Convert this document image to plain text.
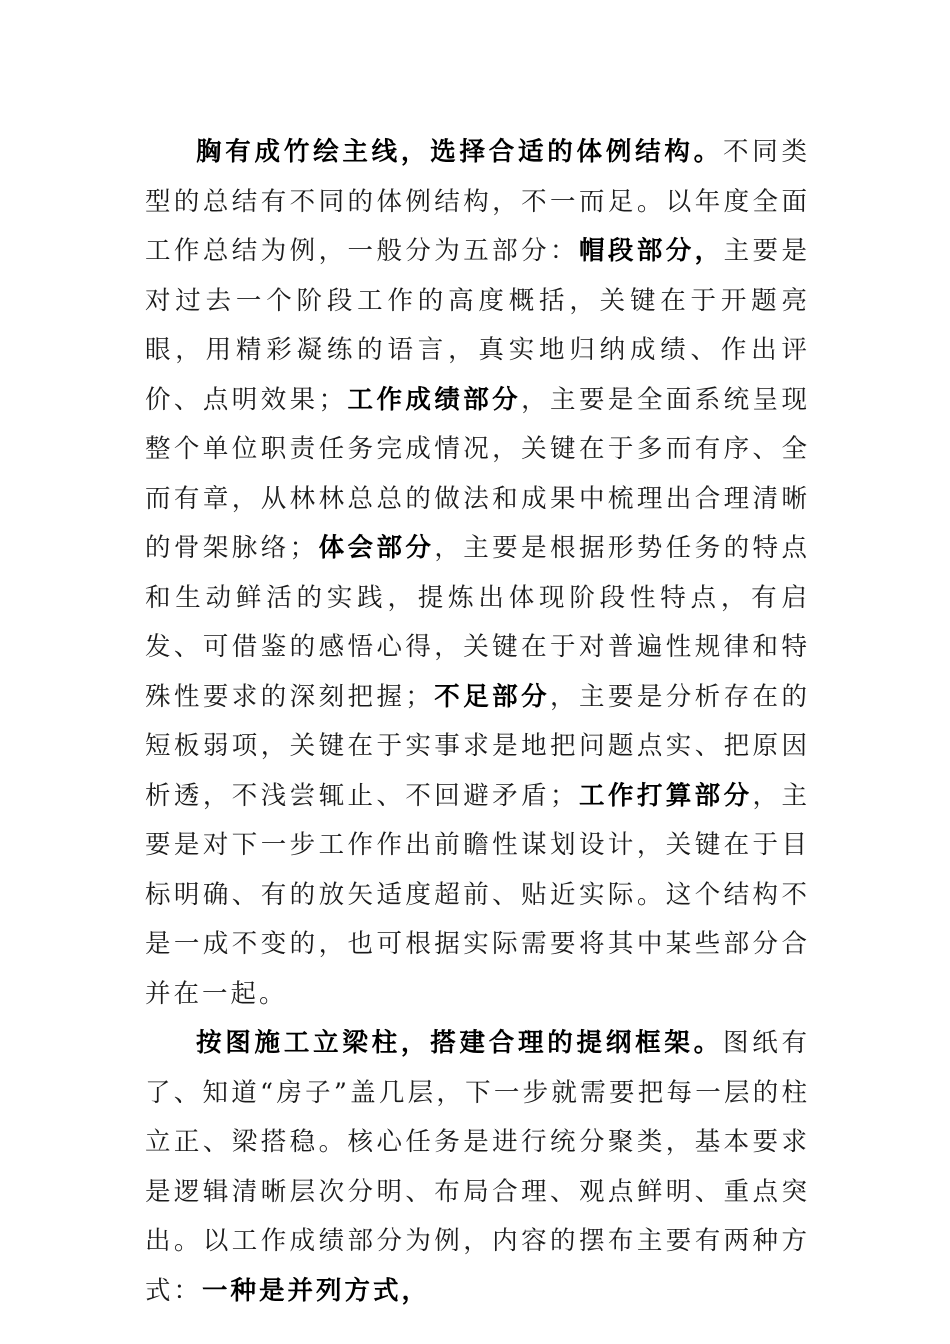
胸有成竹绘主线，选择合适的体例结构。不同类型的总结有不同的体例结构，不一而足。以年度全面工作总结为例，一般分为五部分：帽段部分，主要是对过去一个阶段工作的高度概括，关键在于开题亮眼，用精彩凝练的语言，真实地归纳成绩、作出评价、点明效果；工作成绩部分，主要是全面系统呈现整个单位职责任务完成情况，关键在于多而有序、全而有章，从林林总总的做法和成果中梳理出合理清晰的骨架脉络；体会部分，主要是根据形势任务的特点和生动鲜活的实践，提炼出体现阶段性特点，有启发、可借鉴的感悟心得，关键在于对普遍性规律和特殊性要求的深刻把握；不足部分，主要是分析存在的短板弱项，关键在于实事求是地把问题点实、把原因析透，不浅尝辄止、不回避矛盾；工作打算部分，主要是对下一步工作作出前瞻性谋划设计，关键在于目标明确、有的放矢适度超前、贴近实际。这个结构不是一成不变的，也可根据实际需要将其中某些部分合并在一起。

按图施工立梁柱，搭建合理的提纲框架。图纸有了、知道“房子”盖几层，下一步就需要把每一层的柱立正、梁搭稳。核心任务是进行统分聚类，基本要求是逻辑清晰层次分明、布局合理、观点鲜明、重点突出。以工作成绩部分为例，内容的摆布主要有两种方式：一种是并列方式，
